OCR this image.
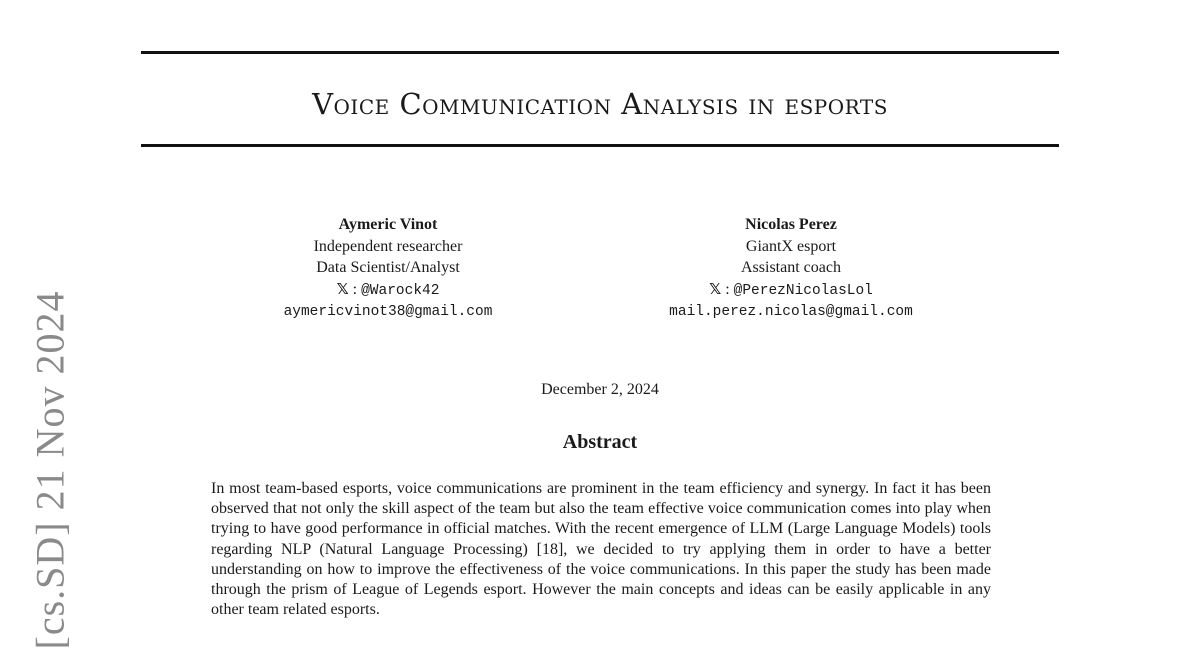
[cs.SD] 21 Nov 2024
Voice Communication Analysis in esports
Aymeric Vinot
Independent researcher
Data Scientist/Analyst
𝕏 : @Warock42
aymericvinot38@gmail.com
Nicolas Perez
GiantX esport
Assistant coach
𝕏 : @PerezNicolasLol
mail.perez.nicolas@gmail.com
December 2, 2024
Abstract
In most team-based esports, voice communications are prominent in the team efficiency and synergy. In fact it has been observed that not only the skill aspect of the team but also the team effective voice communication comes into play when trying to have good performance in official matches. With the recent emergence of LLM (Large Language Models) tools regarding NLP (Natural Language Processing) [18], we decided to try applying them in order to have a better understanding on how to improve the effectiveness of the voice communications. In this paper the study has been made through the prism of League of Legends esport. However the main concepts and ideas can be easily applicable in any other team related esports.
